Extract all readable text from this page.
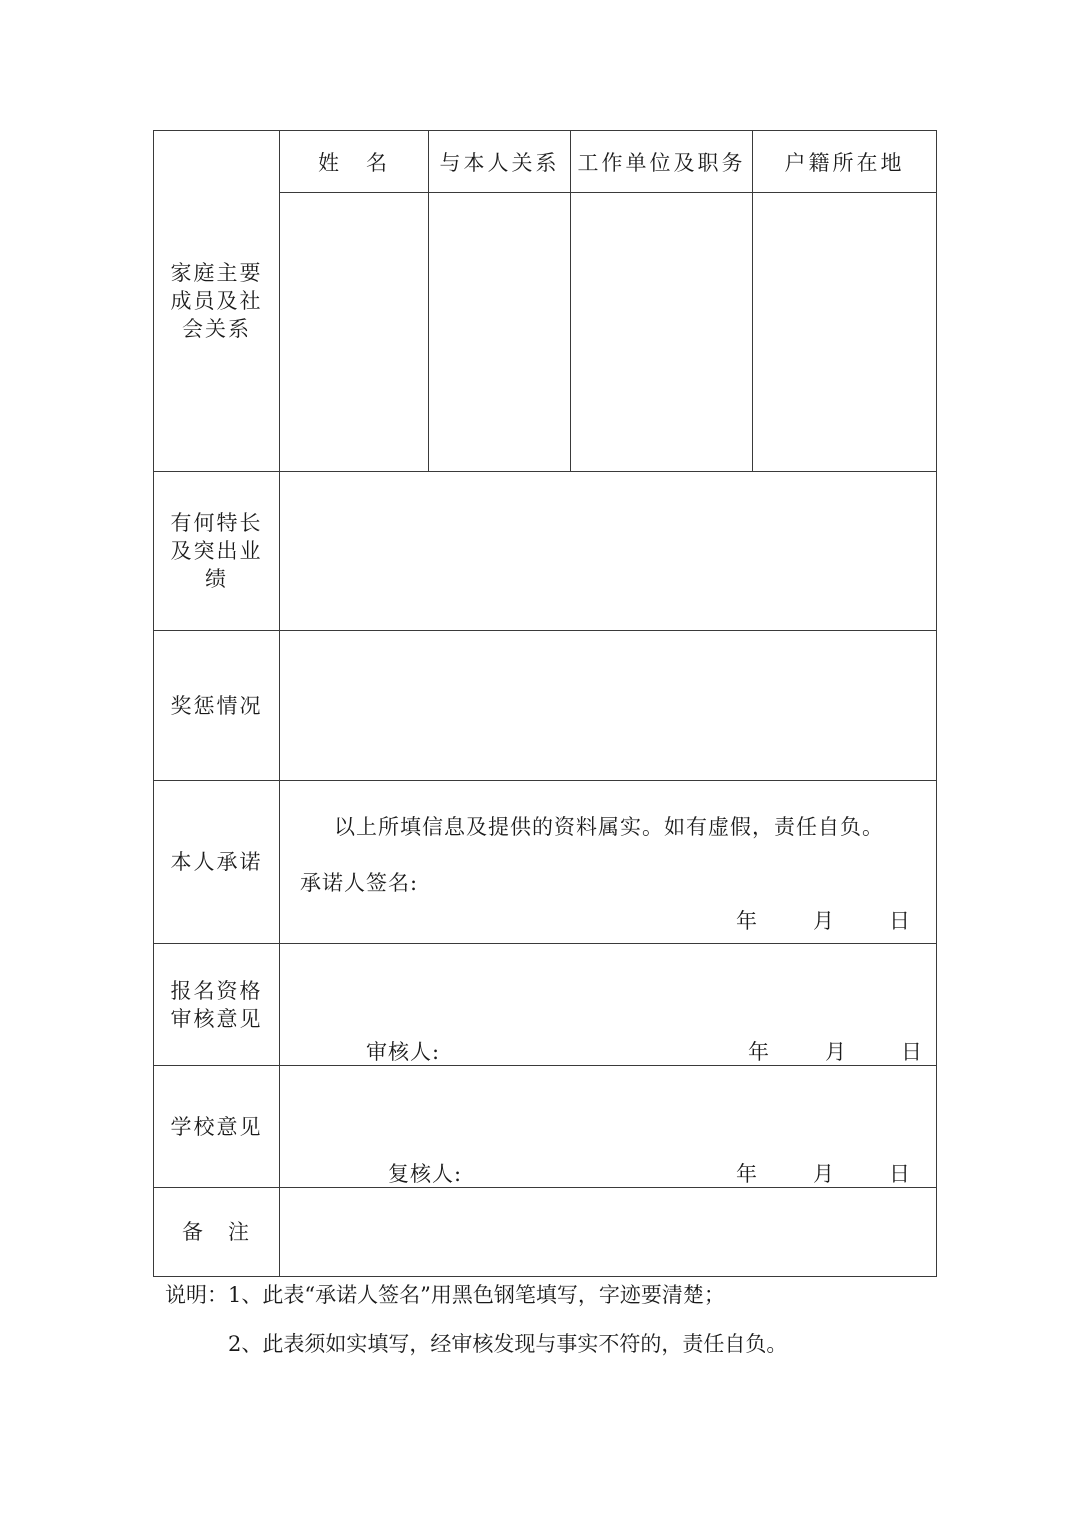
家庭主要成员及社会关系	姓　名	与本人关系	工作单位及职务	户籍所在地

有何特长及突出业绩				
奖惩情况				
本人承诺	以上所填信息及提供的资料属实。如有虚假，责任自负。
承诺人签名:
年 月 日			

报名资格审核意见	审核人: 年 月 日			

学校意见	复核人: 年 月 日			

备　注				

说明：1、此表“承诺人签名”用黑色钢笔填写，字迹要清楚；

2、此表须如实填写，经审核发现与事实不符的，责任自负。
